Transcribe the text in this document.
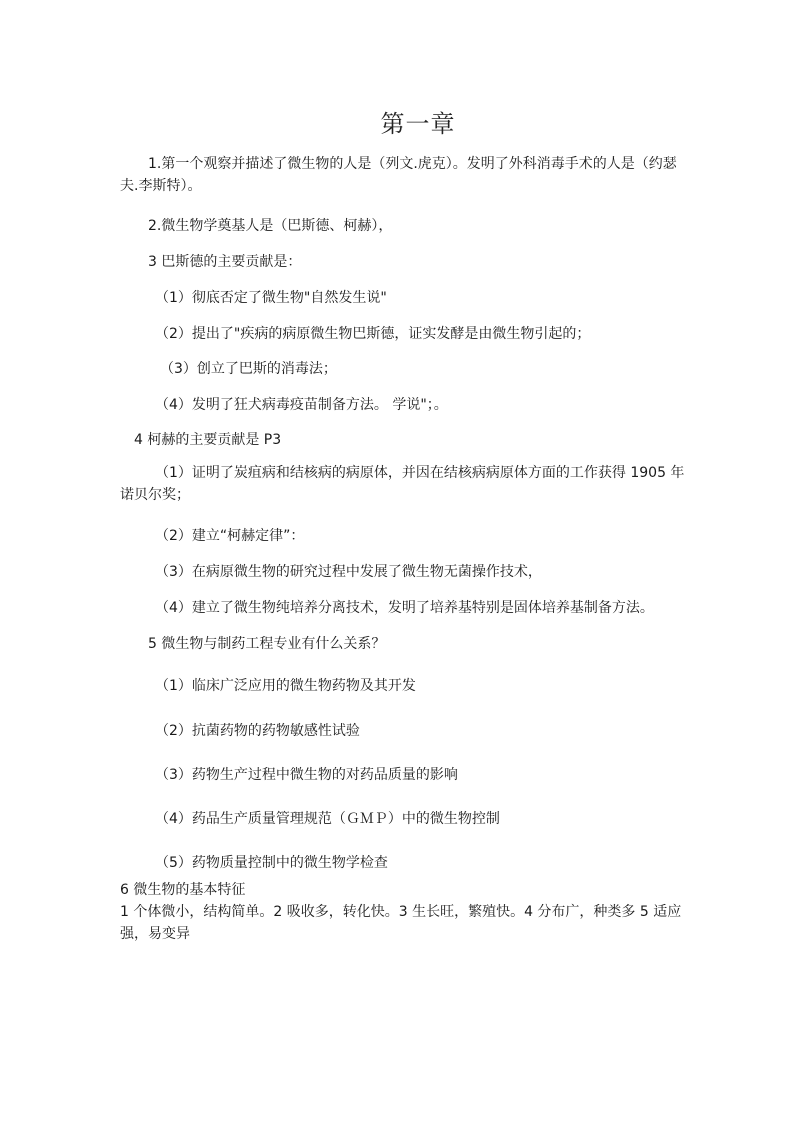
第一章
1.第一个观察并描述了微生物的人是（列文.虎克）。发明了外科消毒手术的人是（约瑟夫.李斯特）。
2.微生物学奠基人是（巴斯德、柯赫），
3 巴斯德的主要贡献是：
（1）彻底否定了微生物"自然发生说"
（2）提出了"疾病的病原微生物巴斯德，证实发酵是由微生物引起的；
（3）创立了巴斯的消毒法；
（4）发明了狂犬病毒疫苗制备方法。 学说"；。
4 柯赫的主要贡献是 P3
（1）证明了炭疽病和结核病的病原体，并因在结核病病原体方面的工作获得 1905 年诺贝尔奖；
（2）建立“柯赫定律”：
（3）在病原微生物的研究过程中发展了微生物无菌操作技术，
（4）建立了微生物纯培养分离技术，发明了培养基特别是固体培养基制备方法。
5 微生物与制药工程专业有什么关系？
（1）临床广泛应用的微生物药物及其开发
（2）抗菌药物的药物敏感性试验
（3）药物生产过程中微生物的对药品质量的影响
（4）药品生产质量管理规范（ＧＭＰ）中的微生物控制
（5）药物质量控制中的微生物学检查
6 微生物的基本特征
1 个体微小，结构简单。2 吸收多，转化快。3 生长旺，繁殖快。4 分布广，种类多 5 适应强，易变异
